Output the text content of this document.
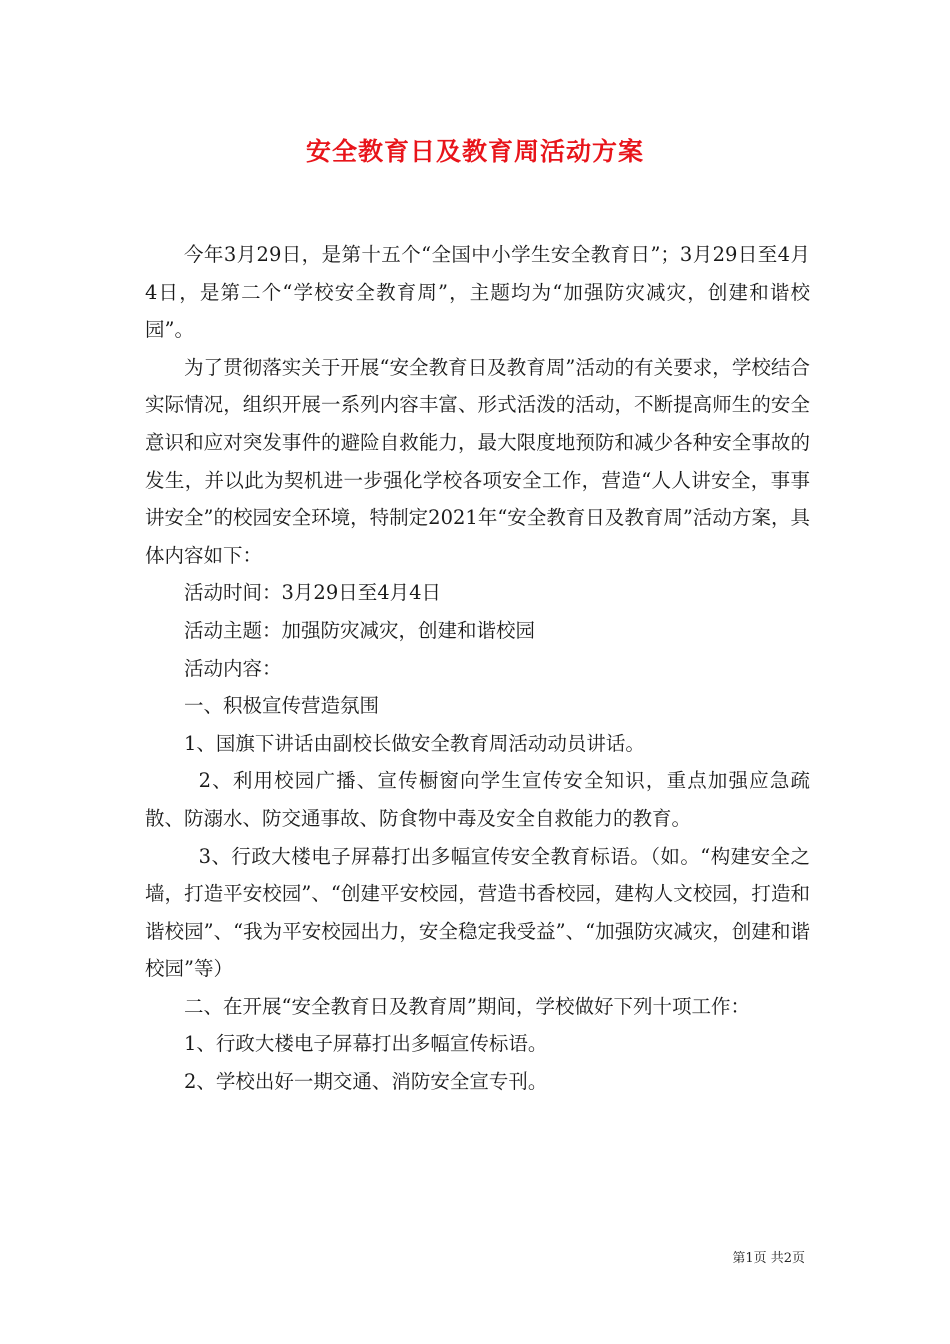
安全教育日及教育周活动方案

今年3月29日，是第十五个“全国中小学生安全教育日”；3月29日至4月4日，是第二个“学校安全教育周”，主题均为“加强防灾减灾，创建和谐校园”。

为了贯彻落实关于开展“安全教育日及教育周”活动的有关要求，学校结合实际情况，组织开展一系列内容丰富、形式活泼的活动，不断提高师生的安全意识和应对突发事件的避险自救能力，最大限度地预防和减少各种安全事故的发生，并以此为契机进一步强化学校各项安全工作，营造“人人讲安全，事事讲安全”的校园安全环境，特制定2021年“安全教育日及教育周”活动方案，具体内容如下：

活动时间：3月29日至4月4日

活动主题：加强防灾减灾，创建和谐校园

活动内容：

一、积极宣传营造氛围

1、国旗下讲话由副校长做安全教育周活动动员讲话。

2、利用校园广播、宣传橱窗向学生宣传安全知识，重点加强应急疏散、防溺水、防交通事故、防食物中毒及安全自救能力的教育。

3、行政大楼电子屏幕打出多幅宣传安全教育标语。（如。“构建安全之墙，打造平安校园”、“创建平安校园，营造书香校园，建构人文校园，打造和谐校园”、“我为平安校园出力，安全稳定我受益”、“加强防灾减灾，创建和谐校园”等）

二、在开展“安全教育日及教育周”期间，学校做好下列十项工作：

1、行政大楼电子屏幕打出多幅宣传标语。

2、学校出好一期交通、消防安全宣专刊。

第1页 共2页
